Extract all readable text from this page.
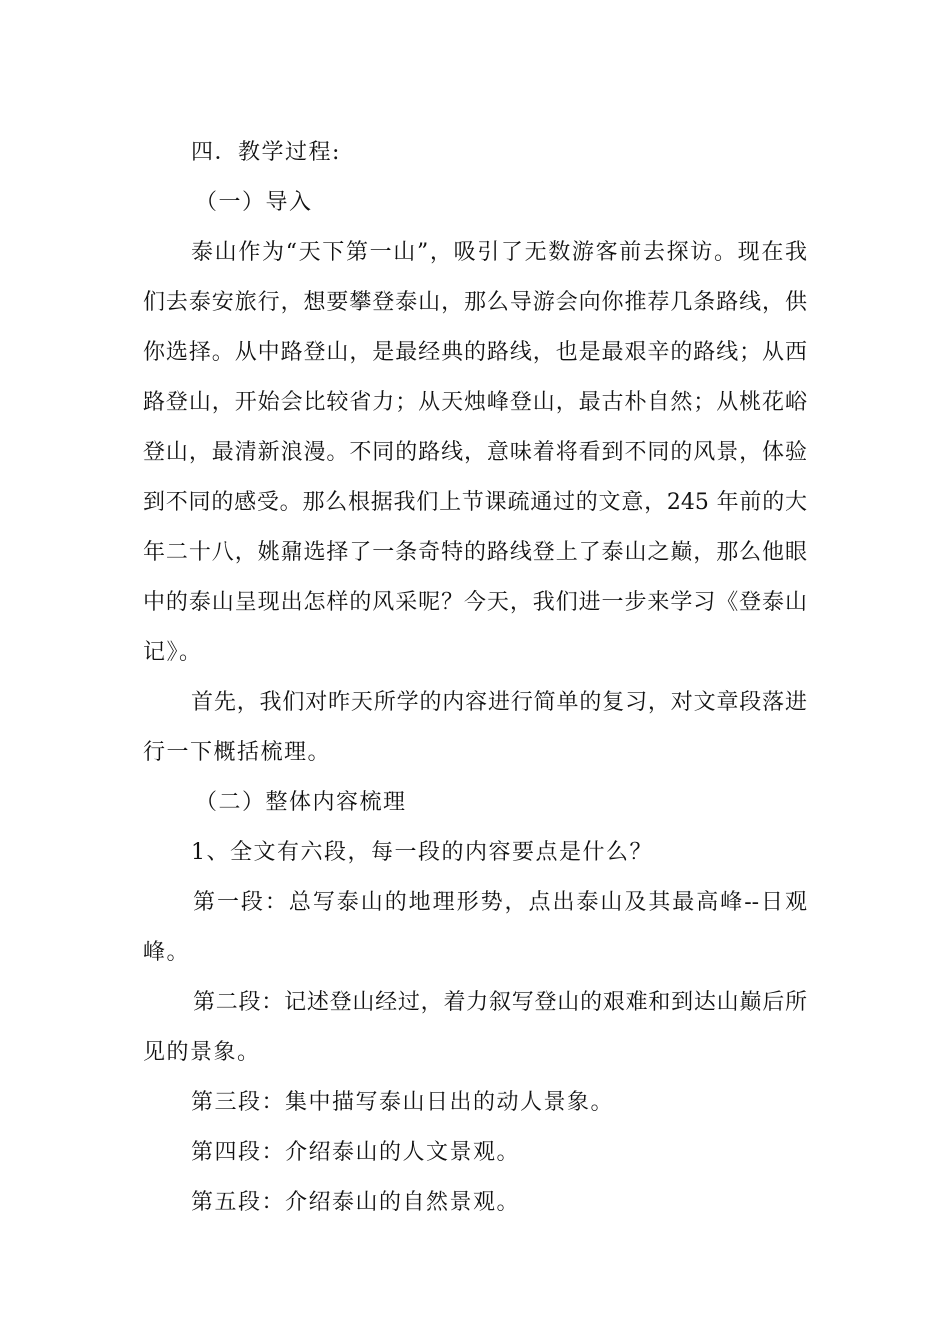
四．教学过程:
（一）导入
泰山作为“天下第一山”，吸引了无数游客前去探访。现在我
们去泰安旅行，想要攀登泰山，那么导游会向你推荐几条路线，供
你选择。从中路登山，是最经典的路线，也是最艰辛的路线；从西
路登山，开始会比较省力；从天烛峰登山，最古朴自然；从桃花峪
登山，最清新浪漫。不同的路线，意味着将看到不同的风景，体验
到不同的感受。那么根据我们上节课疏通过的文意，245 年前的大
年二十八，姚鼐选择了一条奇特的路线登上了泰山之巅，那么他眼
中的泰山呈现出怎样的风采呢？今天，我们进一步来学习《登泰山
记》。
首先，我们对昨天所学的内容进行简单的复习，对文章段落进
行一下概括梳理。
（二）整体内容梳理
1、全文有六段，每一段的内容要点是什么？
第一段：总写泰山的地理形势，点出泰山及其最高峰--日观
峰。
第二段：记述登山经过，着力叙写登山的艰难和到达山巅后所
见的景象。
第三段：集中描写泰山日出的动人景象。
第四段：介绍泰山的人文景观。
第五段：介绍泰山的自然景观。
